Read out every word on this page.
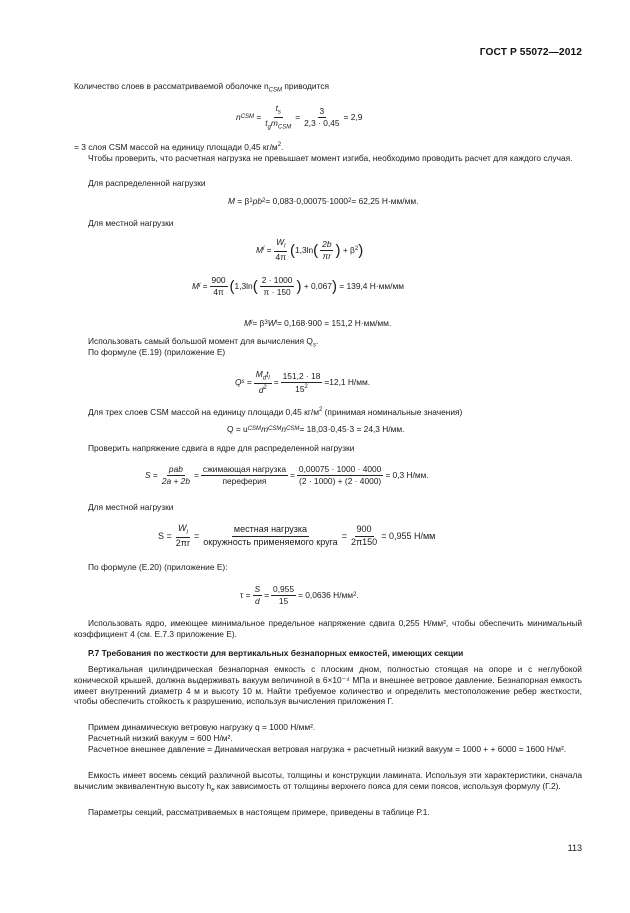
ГОСТ Р 55072—2012
Количество слоев в рассматриваемой оболочке $n_{CSM}$ приводится
n CSM = $\frac{t_s}{t_gm_{CSM}} = \frac{3}{2,3 \cdot 0,45} = 2,9$
= 3 слоя CSM массой на единицу площади 0,45 $кг/м^2$.
Чтобы проверить, что расчетная нагрузка не превышает момент изгиба, необходимо проводить расчет для каждого случая.
Для распределенной нагрузки
M = β 1 pb 2 = 0,083·0,00075·1000 2 = 62,25 Н·мм/мм.
Для местной нагрузки
M $l = \frac{W_l}{4\pi}$ ( 1,3ln ( $\frac{2b}{\pi r}$ )
+ β 2 )
M $l = \frac{900}{4\pi}$ ( 1,3ln ( $\frac{2 \cdot 1000}{\pi \cdot 150}$ )
+ 0,067 )
= 139,4 Н·мм/мм
M l = β 3 W l = 0,168·900 = 151,2 Н·мм/мм.
Использовать самый большой момент для вычисления $Q_s$.
По формуле (Е.19) (приложение Е)
Q $s = \frac{M_dt_l}{d^2} = \frac{151,2 \cdot 18}{15^2} =12,1$ Н/мм.
Для трех слоев CSM массой на единицу площади 0,45 $кг/м^2$ (принимая номинальные значения)
Q = u CSM m CSM n CSM = 18,03·0,45·3 = 24,3 Н/мм.
Проверить напряжение сдвига в ядре для распределенной нагрузки
$S = \frac{\text{pab}}{2a + 2b} = \frac{\text{сжимающая нагрузка}}{\text{переферия}} = \frac{0,00075 \cdot 1000 \cdot 4000}{(2 \cdot 1000) + (2 \cdot 4000)} = 0,3$ Н/мм.
Для местной нагрузки
$S = \frac{W_l}{2\pi r} = \frac{\text{местная нагрузка}}{\text{окружность применяемого круга}} = \frac{900}{2\pi 150} = 0,955$ Н/мм
По формуле (Е.20) (приложение Е):
$\tau = \frac{S}{d} = \frac{0,955}{15} = 0,0636$ Н/мм 2 .
Использовать ядро, имеющее минимальное предельное напряжение сдвига 0,255 Н/мм², чтобы обеспечить минимальный коэффициент 4 (см. Е.7.3 приложение Е).
Р.7 Требования по жесткости для вертикальных безнапорных емкостей, имеющих секции
Вертикальная цилиндрическая безнапорная емкость с плоским дном, полностью стоящая на опоре и с неглубокой конической крышей, должна выдерживать вакуум величиной в 6×10⁻⁴ МПа и внешнее ветровое давление. Безнапорная емкость имеет внутренний диаметр 4 м и высоту 10 м. Найти требуемое количество и определить местоположение ребер жесткости, чтобы обеспечить стойкость к разрушению, используя вычисления приложения Г.
Примем динамическую ветровую нагрузку q = 1000 Н/мм².
Расчетный низкий вакуум = 600 Н/м².
Расчетное внешнее давление = Динамическая ветровая нагрузка + расчетный низкий вакуум = 1000 + + 6000 = 1600 Н/м².
Емкость имеет восемь секций различной высоты, толщины и конструкции ламината. Используя эти характеристики, сначала вычислим эквивалентную высоту $h_e$ как зависимость от толщины верхнего пояса для семи поясов, используя формулу (Г.2).
Параметры секций, рассматриваемых в настоящем примере, приведены в таблице Р.1.
113
